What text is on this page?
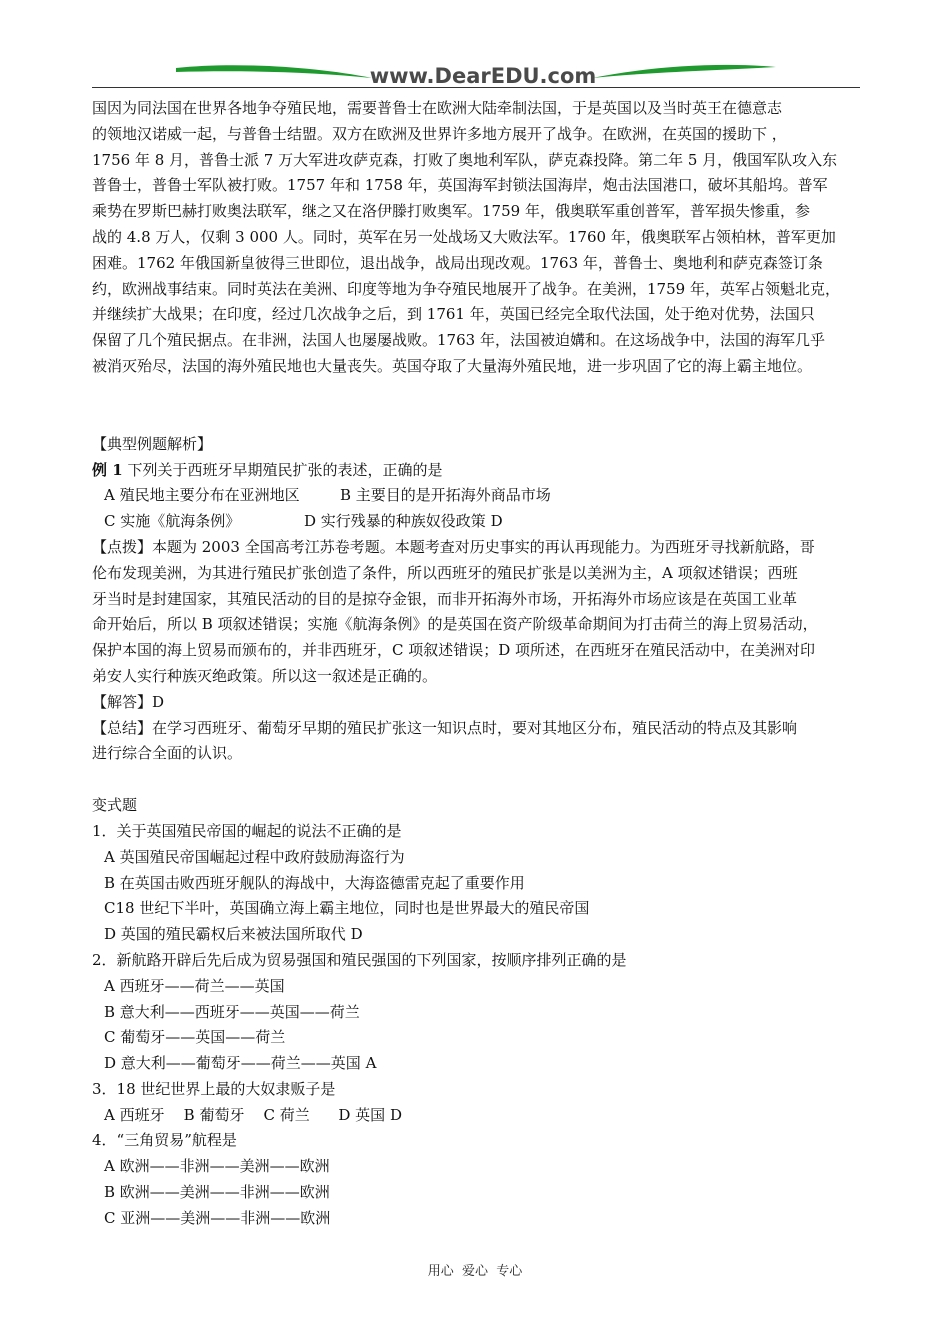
www.DearEDU.com

国因为同法国在世界各地争夺殖民地，需要普鲁士在欧洲大陆牵制法国，于是英国以及当时英王在德意志

的领地汉诺威一起，与普鲁士结盟。双方在欧洲及世界许多地方展开了战争。在欧洲，在英国的援助下 ，

1756 年 8 月，普鲁士派 7 万大军进攻萨克森，打败了奥地利军队，萨克森投降。第二年 5 月，俄国军队攻入东

普鲁士，普鲁士军队被打败。1757 年和 1758 年，英国海军封锁法国海岸，炮击法国港口，破坏其船坞。普军

乘势在罗斯巴赫打败奥法联军，继之又在洛伊滕打败奥军。1759 年，俄奥联军重创普军，普军损失惨重，参

战的 4.8 万人，仅剩 3 000 人。同时，英军在另一处战场又大败法军。1760 年，俄奥联军占领柏林，普军更加

困难。1762 年俄国新皇彼得三世即位，退出战争，战局出现改观。1763 年，普鲁士、奥地利和萨克森签订条

约，欧洲战事结束。同时英法在美洲、印度等地为争夺殖民地展开了战争。在美洲，1759 年，英军占领魁北克，

并继续扩大战果；在印度，经过几次战争之后，到 1761 年，英国已经完全取代法国，处于绝对优势，法国只

保留了几个殖民据点。在非洲，法国人也屡屡战败。1763 年，法国被迫媾和。在这场战争中，法国的海军几乎

被消灭殆尽，法国的海外殖民地也大量丧失。英国夺取了大量海外殖民地，进一步巩固了它的海上霸主地位。

【典型例题解析】

例 1 下列关于西班牙早期殖民扩张的表述，正确的是

A 殖民地主要分布在亚洲地区	B 主要目的是开拓海外商品市场

C 实施《航海条例》	D 实行残暴的种族奴役政策 D

【点拨】本题为 2003 全国高考江苏卷考题。本题考查对历史事实的再认再现能力。为西班牙寻找新航路，哥

伦布发现美洲，为其进行殖民扩张创造了条件，所以西班牙的殖民扩张是以美洲为主，A 项叙述错误；西班

牙当时是封建国家，其殖民活动的目的是掠夺金银，而非开拓海外市场，开拓海外市场应该是在英国工业革

命开始后，所以 B 项叙述错误；实施《航海条例》的是英国在资产阶级革命期间为打击荷兰的海上贸易活动，

保护本国的海上贸易而颁布的，并非西班牙，C 项叙述错误；D 项所述，在西班牙在殖民活动中，在美洲对印

弟安人实行种族灭绝政策。所以这一叙述是正确的。

【解答】D

【总结】在学习西班牙、葡萄牙早期的殖民扩张这一知识点时，要对其地区分布，殖民活动的特点及其影响

进行综合全面的认识。

变式题

1．关于英国殖民帝国的崛起的说法不正确的是

A 英国殖民帝国崛起过程中政府鼓励海盗行为

B 在英国击败西班牙舰队的海战中，大海盗德雷克起了重要作用

C18 世纪下半叶，英国确立海上霸主地位，同时也是世界最大的殖民帝国

D 英国的殖民霸权后来被法国所取代 D

2．新航路开辟后先后成为贸易强国和殖民强国的下列国家，按顺序排列正确的是

A 西班牙——荷兰——英国

B 意大利——西班牙——英国——荷兰

C 葡萄牙——英国——荷兰

D 意大利——葡萄牙——荷兰——英国 A

3．18 世纪世界上最的大奴隶贩子是

A 西班牙    B 葡萄牙    C 荷兰      D 英国 D

4．“三角贸易”航程是

A 欧洲——非洲——美洲——欧洲

B 欧洲——美洲——非洲——欧洲

C 亚洲——美洲——非洲——欧洲

用心  爱心  专心
